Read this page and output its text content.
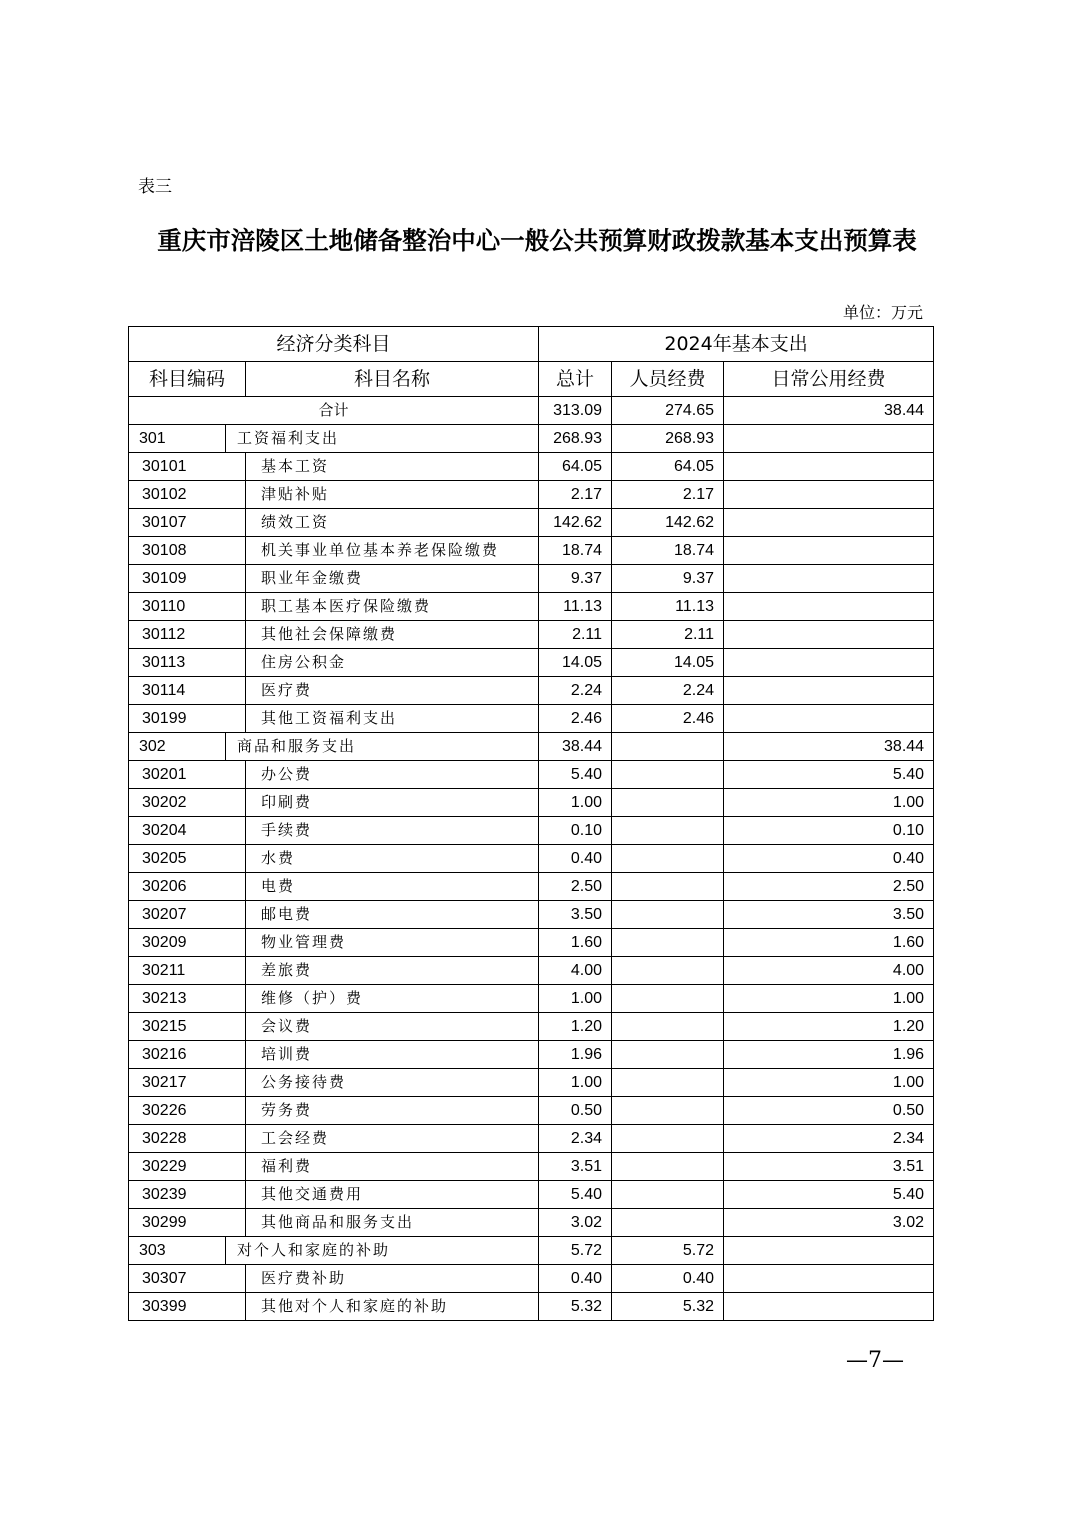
表三
重庆市涪陵区土地储备整治中心一般公共预算财政拨款基本支出预算表
单位：万元
经济分类科目			2024年基本支出		
科目编码		科目名称	总计	人员经费	日常公用经费
合计			313.09	274.65	38.44
301	工资福利支出		268.93	268.93	
30101		基本工资	64.05	64.05	
30102		津贴补贴	2.17	2.17	
30107		绩效工资	142.62	142.62	
30108		机关事业单位基本养老保险缴费	18.74	18.74	
30109		职业年金缴费	9.37	9.37	
30110		职工基本医疗保险缴费	11.13	11.13	
30112		其他社会保障缴费	2.11	2.11	
30113		住房公积金	14.05	14.05	
30114		医疗费	2.24	2.24	
30199		其他工资福利支出	2.46	2.46	
302	商品和服务支出		38.44		38.44
30201		办公费	5.40		5.40
30202		印刷费	1.00		1.00
30204		手续费	0.10		0.10
30205		水费	0.40		0.40
30206		电费	2.50		2.50
30207		邮电费	3.50		3.50
30209		物业管理费	1.60		1.60
30211		差旅费	4.00		4.00
30213		维修（护）费	1.00		1.00
30215		会议费	1.20		1.20
30216		培训费	1.96		1.96
30217		公务接待费	1.00		1.00
30226		劳务费	0.50		0.50
30228		工会经费	2.34		2.34
30229		福利费	3.51		3.51
30239		其他交通费用	5.40		5.40
30299		其他商品和服务支出	3.02		3.02
303	对个人和家庭的补助		5.72	5.72	
30307		医疗费补助	0.40	0.40	
30399		其他对个人和家庭的补助	5.32	5.32	
—7—
